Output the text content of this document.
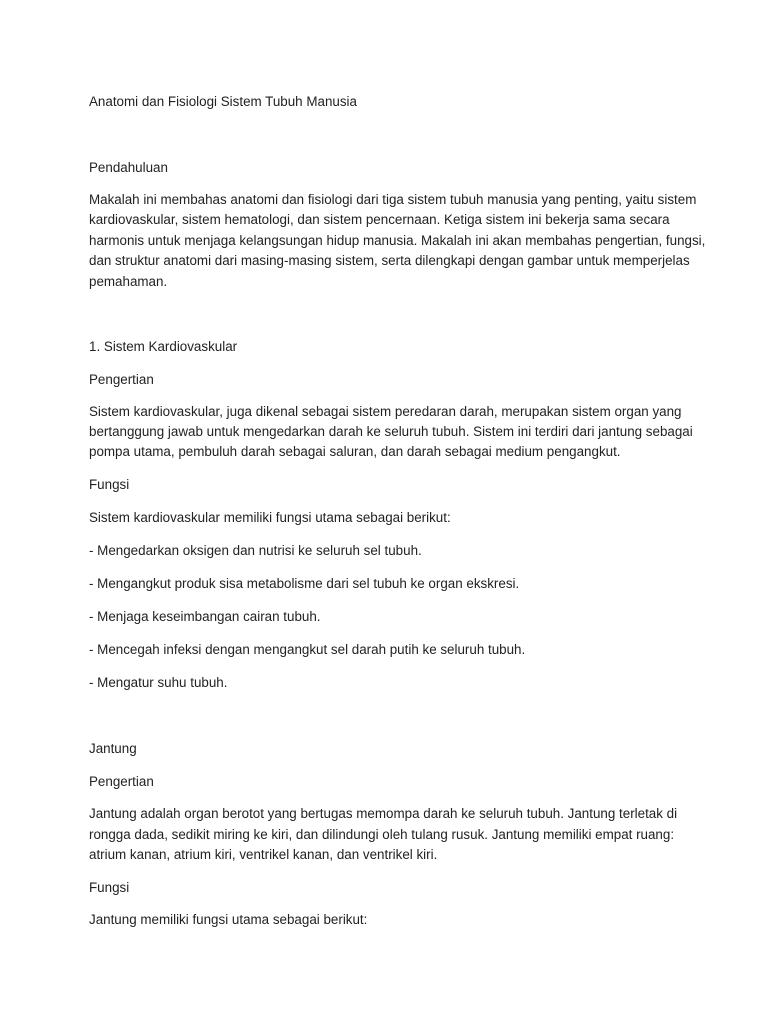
Anatomi dan Fisiologi Sistem Tubuh Manusia

Pendahuluan

Makalah ini membahas anatomi dan fisiologi dari tiga sistem tubuh manusia yang penting, yaitu sistem

kardiovaskular, sistem hematologi, dan sistem pencernaan. Ketiga sistem ini bekerja sama secara

harmonis untuk menjaga kelangsungan hidup manusia. Makalah ini akan membahas pengertian, fungsi,

dan struktur anatomi dari masing-masing sistem, serta dilengkapi dengan gambar untuk memperjelas

pemahaman.

1. Sistem Kardiovaskular

Pengertian

Sistem kardiovaskular, juga dikenal sebagai sistem peredaran darah, merupakan sistem organ yang

bertanggung jawab untuk mengedarkan darah ke seluruh tubuh. Sistem ini terdiri dari jantung sebagai

pompa utama, pembuluh darah sebagai saluran, dan darah sebagai medium pengangkut.

Fungsi

Sistem kardiovaskular memiliki fungsi utama sebagai berikut:

- Mengedarkan oksigen dan nutrisi ke seluruh sel tubuh.

- Mengangkut produk sisa metabolisme dari sel tubuh ke organ ekskresi.

- Menjaga keseimbangan cairan tubuh.

- Mencegah infeksi dengan mengangkut sel darah putih ke seluruh tubuh.

- Mengatur suhu tubuh.

Jantung

Pengertian

Jantung adalah organ berotot yang bertugas memompa darah ke seluruh tubuh. Jantung terletak di

rongga dada, sedikit miring ke kiri, dan dilindungi oleh tulang rusuk. Jantung memiliki empat ruang:

atrium kanan, atrium kiri, ventrikel kanan, dan ventrikel kiri.

Fungsi

Jantung memiliki fungsi utama sebagai berikut:
